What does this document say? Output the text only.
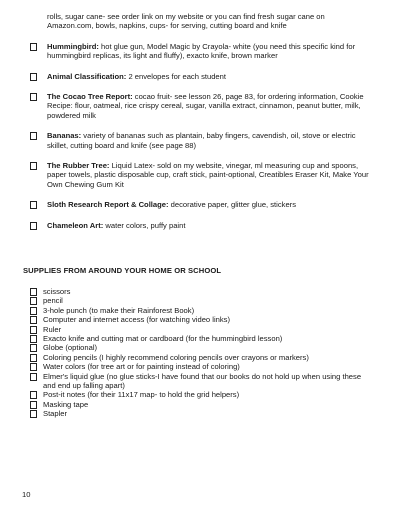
rolls, sugar cane- see order link on my website or you can find fresh sugar cane on Amazon.com, bowls, napkins, cups- for serving, cutting board and knife
Hummingbird: hot glue gun, Model Magic by Crayola- white (you need this specific kind for hummingbird replicas, its light and fluffy), exacto knife, brown marker
Animal Classification: 2 envelopes for each student
The Cocao Tree Report: cocao fruit- see lesson 26, page 83, for ordering information, Cookie Recipe: flour, oatmeal, rice crispy cereal, sugar, vanilla extract, cinnamon, peanut butter, milk, powdered milk
Bananas: variety of bananas such as plantain, baby fingers, cavendish, oil, stove or electric skillet, cutting board and knife (see page 88)
The Rubber Tree: Liquid Latex- sold on my website, vinegar, ml measuring cup and spoons, paper towels, plastic disposable cup, craft stick, paint-optional, Creatibles Eraser Kit, Make Your Own Chewing Gum Kit
Sloth Research Report & Collage: decorative paper, glitter glue, stickers
Chameleon Art: water colors, puffy paint
SUPPLIES FROM AROUND YOUR HOME OR SCHOOL
scissors
pencil
3-hole punch (to make their Rainforest Book)
Computer and internet access (for watching video links)
Ruler
Exacto knife and cutting mat or cardboard (for the hummingbird lesson)
Globe (optional)
Coloring pencils (I highly recommend coloring pencils over crayons or markers)
Water colors (for tree art or for painting instead of coloring)
Elmer's liquid glue (no glue sticks-I have found that our books do not hold up when using these and end up falling apart)
Post-it notes (for their 11x17 map- to hold the grid helpers)
Masking tape
Stapler
10
